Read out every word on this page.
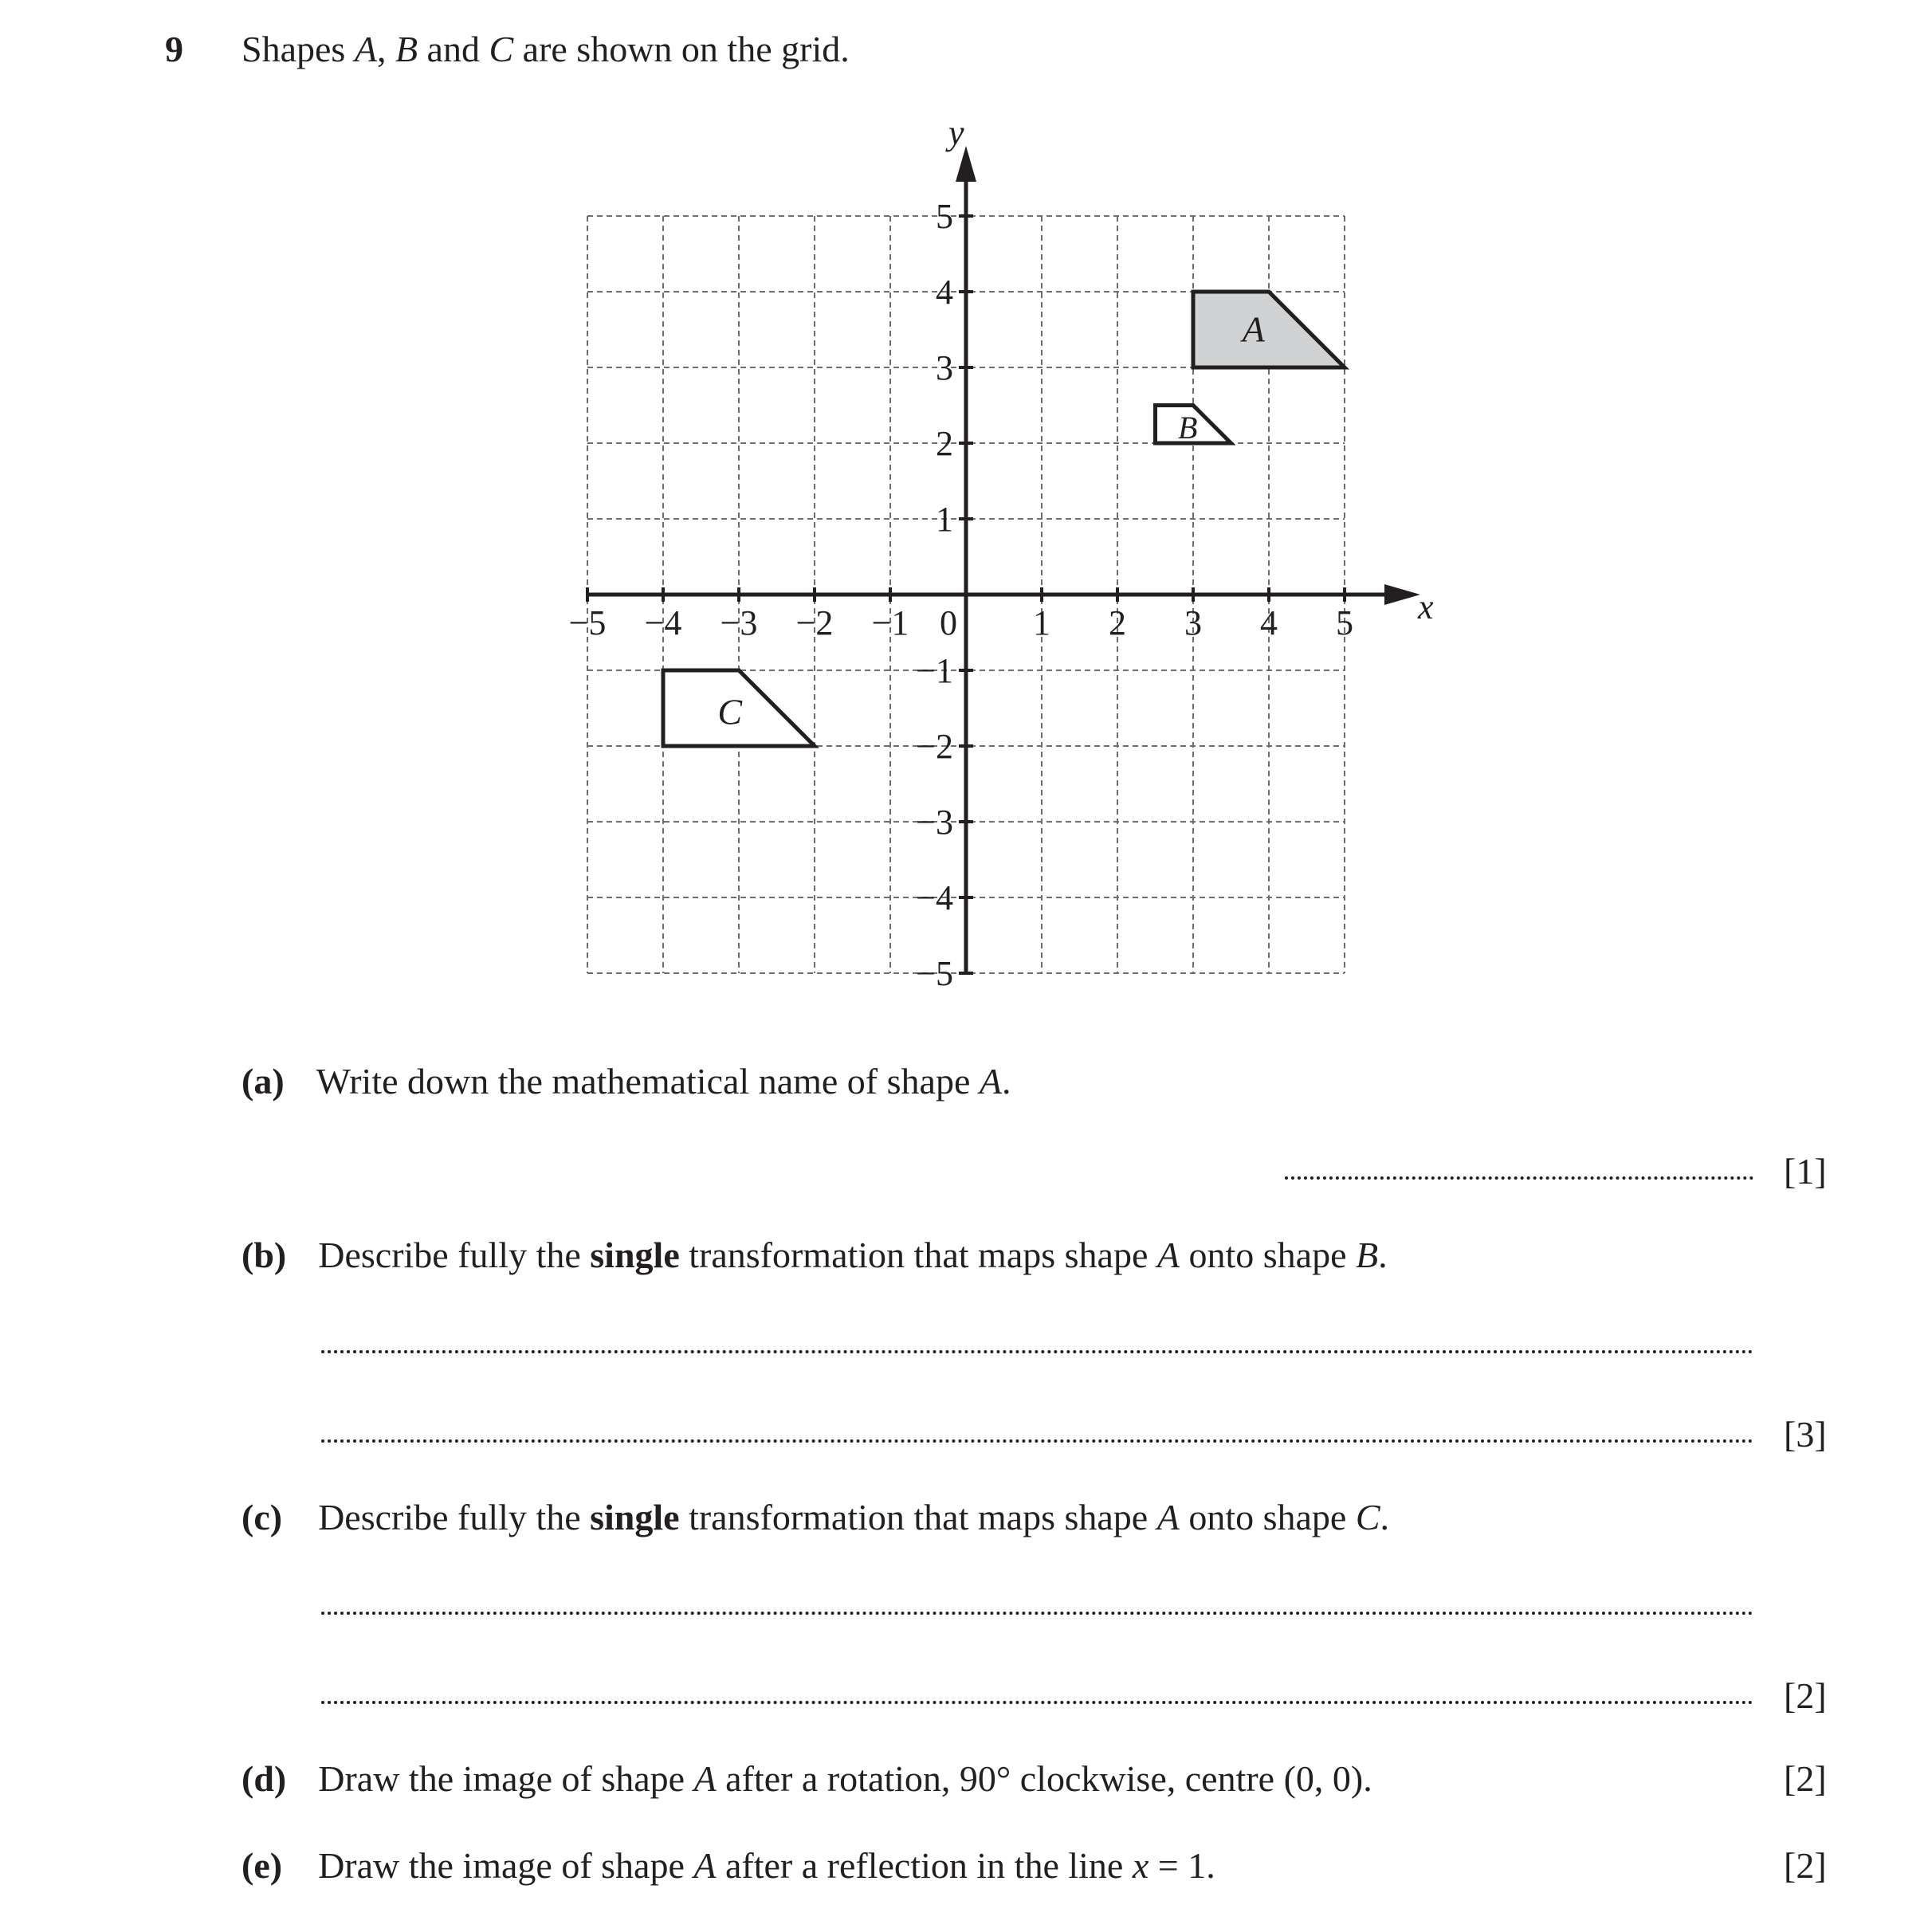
9 Shapes A, B and C are shown on the grid.
A
B
C
−5 −4 −3 −2 −1 0 1 2 3 4 5
5
4
3
2
1
−1
−2
−3
−4
−5
x
y
(a) Write down the mathematical name of shape A.
[1]
(b) Describe fully the single transformation that maps shape A onto shape B.
[3]
(c) Describe fully the single transformation that maps shape A onto shape C.
[2]
(d) Draw the image of shape A after a rotation, 90° clockwise, centre (0, 0).	[2]
(e) Draw the image of shape A after a reflection in the line x = 1.	[2]
